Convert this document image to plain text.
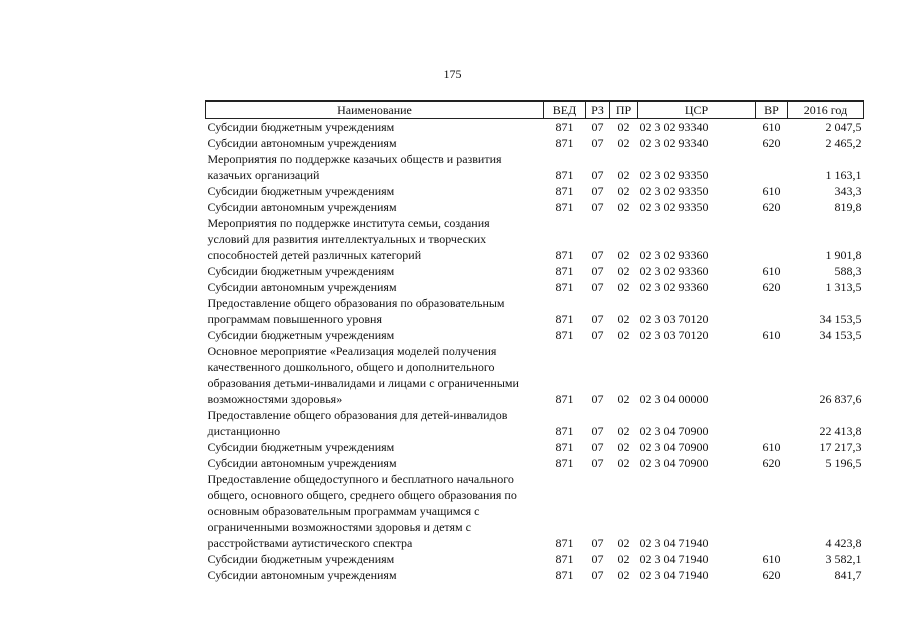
175
Наименование	ВЕД	РЗ	ПР	ЦСР	ВР	2016 год

Субсидии бюджетным учреждениям	871	07	02	02 3 02 93340	610	2 047,5

Субсидии автономным учреждениям	871	07	02	02 3 02 93340	620	2 465,2

Мероприятия по поддержке казачьих обществ и развития
казачьих организаций	871	07	02	02 3 02 93350		1 163,1

Субсидии бюджетным учреждениям	871	07	02	02 3 02 93350	610	343,3

Субсидии автономным учреждениям	871	07	02	02 3 02 93350	620	819,8

Мероприятия по поддержке института семьи, создания
условий для развития интеллектуальных и творческих
способностей детей различных категорий	871	07	02	02 3 02 93360		1 901,8

Субсидии бюджетным учреждениям	871	07	02	02 3 02 93360	610	588,3

Субсидии автономным учреждениям	871	07	02	02 3 02 93360	620	1 313,5

Предоставление общего образования по образовательным
программам повышенного уровня	871	07	02	02 3 03 70120		34 153,5

Субсидии бюджетным учреждениям	871	07	02	02 3 03 70120	610	34 153,5

Основное мероприятие «Реализация моделей получения
качественного дошкольного, общего и дополнительного
образования детьми-инвалидами и лицами с ограниченными
возможностями здоровья»	871	07	02	02 3 04 00000		26 837,6

Предоставление общего образования для детей-инвалидов
дистанционно	871	07	02	02 3 04 70900		22 413,8

Субсидии бюджетным учреждениям	871	07	02	02 3 04 70900	610	17 217,3

Субсидии автономным учреждениям	871	07	02	02 3 04 70900	620	5 196,5

Предоставление общедоступного и бесплатного начального
общего, основного общего, среднего общего образования по
основным образовательным программам учащимся с
ограниченными возможностями здоровья и детям с
расстройствами аутистического спектра	871	07	02	02 3 04 71940		4 423,8

Субсидии бюджетным учреждениям	871	07	02	02 3 04 71940	610	3 582,1

Субсидии автономным учреждениям	871	07	02	02 3 04 71940	620	841,7
